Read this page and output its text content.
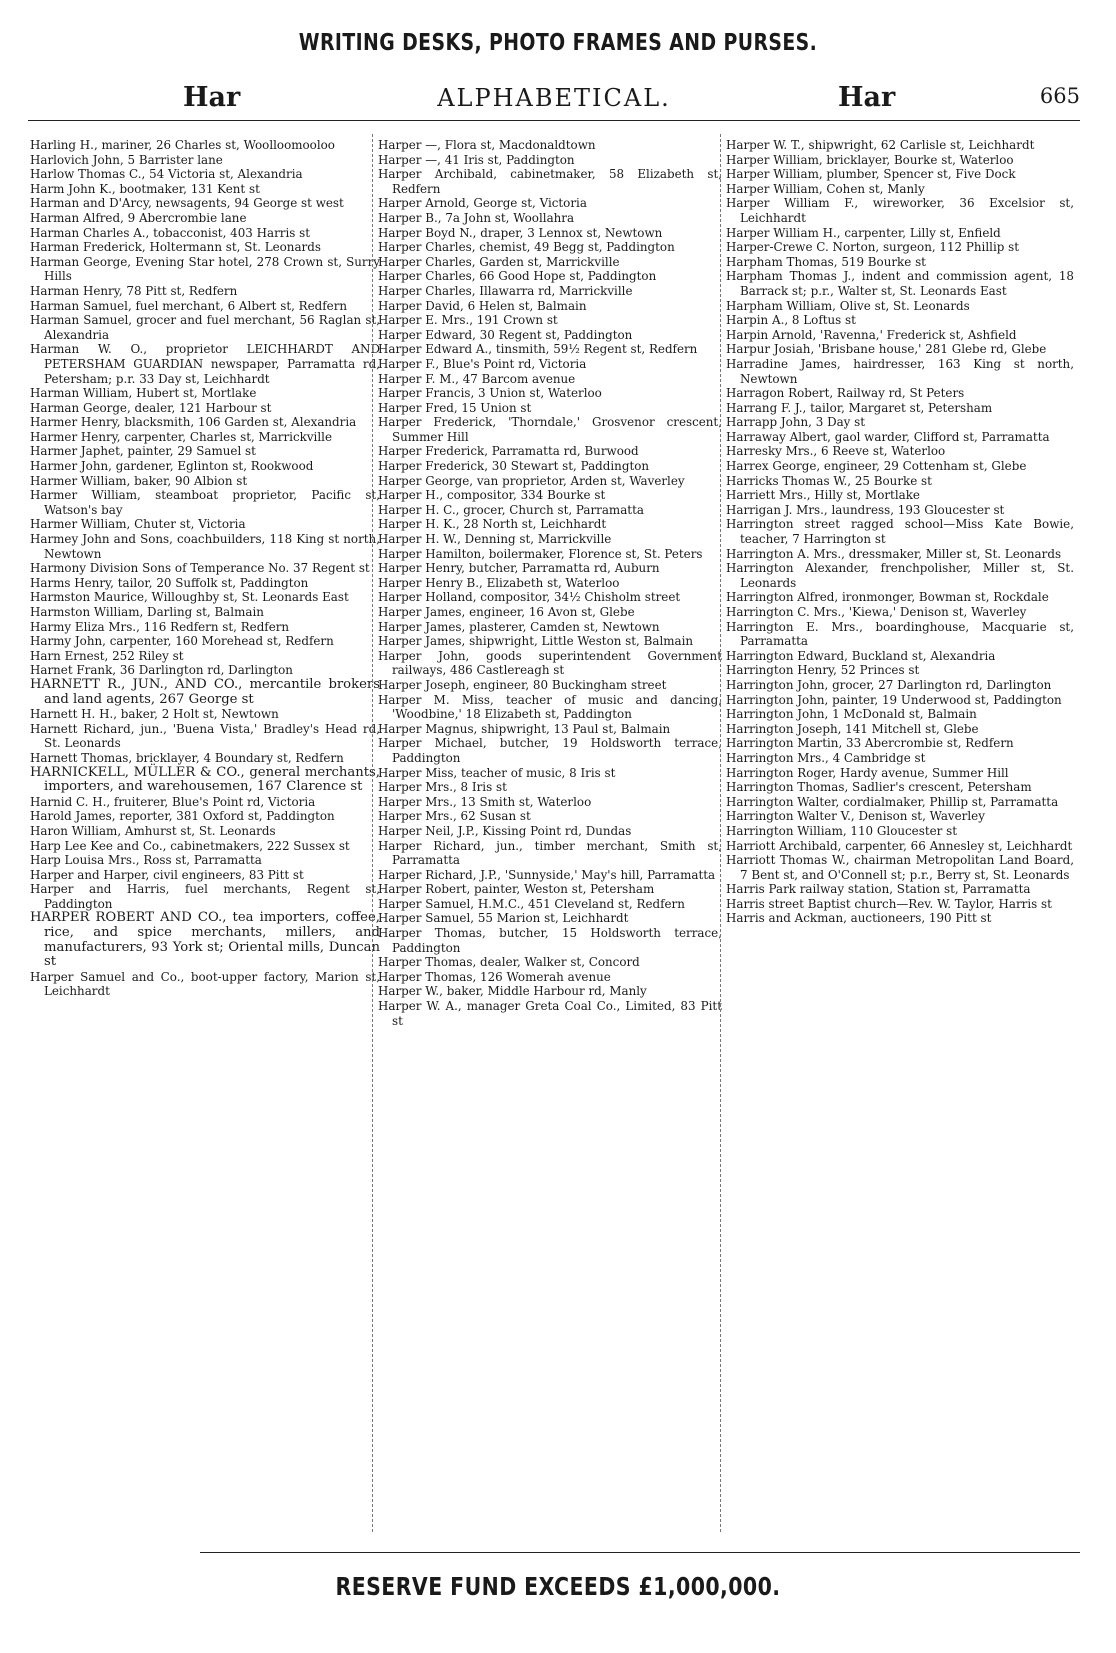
WRITING DESKS, PHOTO FRAMES AND PURSES.
Har	ALPHABETICAL.	Har	665

Harling H., mariner, 26 Charles st, Woolloomooloo

Harlovich John, 5 Barrister lane

Harlow Thomas C., 54 Victoria st, Alexandria

Harm John K., bootmaker, 131 Kent st

Harman and D'Arcy, newsagents, 94 George st west

Harman Alfred, 9 Abercrombie lane

Harman Charles A., tobacconist, 403 Harris st

Harman Frederick, Holtermann st, St. Leonards

Harman George, Evening Star hotel, 278 Crown st, Surry Hills

Harman Henry, 78 Pitt st, Redfern

Harman Samuel, fuel merchant, 6 Albert st, Redfern

Harman Samuel, grocer and fuel merchant, 56 Raglan st, Alexandria

Harman W. O., proprietor LEICHHARDT AND PETERSHAM GUARDIAN newspaper, Parramatta rd, Petersham; p.r. 33 Day st, Leichhardt

Harman William, Hubert st, Mortlake

Harman George, dealer, 121 Harbour st

Harmer Henry, blacksmith, 106 Garden st, Alexandria

Harmer Henry, carpenter, Charles st, Marrickville

Harmer Japhet, painter, 29 Samuel st

Harmer John, gardener, Eglinton st, Rookwood

Harmer William, baker, 90 Albion st

Harmer William, steamboat proprietor, Pacific st, Watson's bay

Harmer William, Chuter st, Victoria

Harmey John and Sons, coachbuilders, 118 King st north, Newtown

Harmony Division Sons of Temperance No. 37 Regent st

Harms Henry, tailor, 20 Suffolk st, Paddington

Harmston Maurice, Willoughby st, St. Leonards East

Harmston William, Darling st, Balmain

Harmy Eliza Mrs., 116 Redfern st, Redfern

Harmy John, carpenter, 160 Morehead st, Redfern

Harn Ernest, 252 Riley st

Harnet Frank, 36 Darlington rd, Darlington

HARNETT R., JUN., AND CO., mercantile brokers and land agents, 267 George st

Harnett H. H., baker, 2 Holt st, Newtown

Harnett Richard, jun., 'Buena Vista,' Bradley's Head rd, St. Leonards

Harnett Thomas, bricklayer, 4 Boundary st, Redfern

HARNICKELL, MÜLLER & CO., general merchants, importers, and warehousemen, 167 Clarence st

Harnid C. H., fruiterer, Blue's Point rd, Victoria

Harold James, reporter, 381 Oxford st, Paddington

Haron William, Amhurst st, St. Leonards

Harp Lee Kee and Co., cabinetmakers, 222 Sussex st

Harp Louisa Mrs., Ross st, Parramatta

Harper and Harper, civil engineers, 83 Pitt st

Harper and Harris, fuel merchants, Regent st, Paddington

HARPER ROBERT AND CO., tea importers, coffee, rice, and spice merchants, millers, and manufacturers, 93 York st; Oriental mills, Duncan st

Harper Samuel and Co., boot-upper factory, Marion st, Leichhardt

Harper —, Flora st, Macdonaldtown

Harper —, 41 Iris st, Paddington

Harper Archibald, cabinetmaker, 58 Elizabeth st, Redfern

Harper Arnold, George st, Victoria

Harper B., 7a John st, Woollahra

Harper Boyd N., draper, 3 Lennox st, Newtown

Harper Charles, chemist, 49 Begg st, Paddington

Harper Charles, Garden st, Marrickville

Harper Charles, 66 Good Hope st, Paddington

Harper Charles, Illawarra rd, Marrickville

Harper David, 6 Helen st, Balmain

Harper E. Mrs., 191 Crown st

Harper Edward, 30 Regent st, Paddington

Harper Edward A., tinsmith, 59½ Regent st, Redfern

Harper F., Blue's Point rd, Victoria

Harper F. M., 47 Barcom avenue

Harper Francis, 3 Union st, Waterloo

Harper Fred, 15 Union st

Harper Frederick, 'Thorndale,' Grosvenor crescent, Summer Hill

Harper Frederick, Parramatta rd, Burwood

Harper Frederick, 30 Stewart st, Paddington

Harper George, van proprietor, Arden st, Waverley

Harper H., compositor, 334 Bourke st

Harper H. C., grocer, Church st, Parramatta

Harper H. K., 28 North st, Leichhardt

Harper H. W., Denning st, Marrickville

Harper Hamilton, boilermaker, Florence st, St. Peters

Harper Henry, butcher, Parramatta rd, Auburn

Harper Henry B., Elizabeth st, Waterloo

Harper Holland, compositor, 34½ Chisholm street

Harper James, engineer, 16 Avon st, Glebe

Harper James, plasterer, Camden st, Newtown

Harper James, shipwright, Little Weston st, Balmain

Harper John, goods superintendent Government railways, 486 Castlereagh st

Harper Joseph, engineer, 80 Buckingham street

Harper M. Miss, teacher of music and dancing, 'Woodbine,' 18 Elizabeth st, Paddington

Harper Magnus, shipwright, 13 Paul st, Balmain

Harper Michael, butcher, 19 Holdsworth terrace, Paddington

Harper Miss, teacher of music, 8 Iris st

Harper Mrs., 8 Iris st

Harper Mrs., 13 Smith st, Waterloo

Harper Mrs., 62 Susan st

Harper Neil, J.P., Kissing Point rd, Dundas

Harper Richard, jun., timber merchant, Smith st, Parramatta

Harper Richard, J.P., 'Sunnyside,' May's hill, Parramatta

Harper Robert, painter, Weston st, Petersham

Harper Samuel, H.M.C., 451 Cleveland st, Redfern

Harper Samuel, 55 Marion st, Leichhardt

Harper Thomas, butcher, 15 Holdsworth terrace, Paddington

Harper Thomas, dealer, Walker st, Concord

Harper Thomas, 126 Womerah avenue

Harper W., baker, Middle Harbour rd, Manly

Harper W. A., manager Greta Coal Co., Limited, 83 Pitt st

Harper W. T., shipwright, 62 Carlisle st, Leichhardt

Harper William, bricklayer, Bourke st, Waterloo

Harper William, plumber, Spencer st, Five Dock

Harper William, Cohen st, Manly

Harper William F., wireworker, 36 Excelsior st, Leichhardt

Harper William H., carpenter, Lilly st, Enfield

Harper-Crewe C. Norton, surgeon, 112 Phillip st

Harpham Thomas, 519 Bourke st

Harpham Thomas J., indent and commission agent, 18 Barrack st; p.r., Walter st, St. Leonards East

Harpham William, Olive st, St. Leonards

Harpin A., 8 Loftus st

Harpin Arnold, 'Ravenna,' Frederick st, Ashfield

Harpur Josiah, 'Brisbane house,' 281 Glebe rd, Glebe

Harradine James, hairdresser, 163 King st north, Newtown

Harragon Robert, Railway rd, St Peters

Harrang F. J., tailor, Margaret st, Petersham

Harrapp John, 3 Day st

Harraway Albert, gaol warder, Clifford st, Parramatta

Harresky Mrs., 6 Reeve st, Waterloo

Harrex George, engineer, 29 Cottenham st, Glebe

Harricks Thomas W., 25 Bourke st

Harriett Mrs., Hilly st, Mortlake

Harrigan J. Mrs., laundress, 193 Gloucester st

Harrington street ragged school—Miss Kate Bowie, teacher, 7 Harrington st

Harrington A. Mrs., dressmaker, Miller st, St. Leonards

Harrington Alexander, frenchpolisher, Miller st, St. Leonards

Harrington Alfred, ironmonger, Bowman st, Rockdale

Harrington C. Mrs., 'Kiewa,' Denison st, Waverley

Harrington E. Mrs., boardinghouse, Macquarie st, Parramatta

Harrington Edward, Buckland st, Alexandria

Harrington Henry, 52 Princes st

Harrington John, grocer, 27 Darlington rd, Darlington

Harrington John, painter, 19 Underwood st, Paddington

Harrington John, 1 McDonald st, Balmain

Harrington Joseph, 141 Mitchell st, Glebe

Harrington Martin, 33 Abercrombie st, Redfern

Harrington Mrs., 4 Cambridge st

Harrington Roger, Hardy avenue, Summer Hill

Harrington Thomas, Sadlier's crescent, Petersham

Harrington Walter, cordialmaker, Phillip st, Parramatta

Harrington Walter V., Denison st, Waverley

Harrington William, 110 Gloucester st

Harriott Archibald, carpenter, 66 Annesley st, Leichhardt

Harriott Thomas W., chairman Metropolitan Land Board, 7 Bent st, and O'Connell st; p.r., Berry st, St. Leonards

Harris Park railway station, Station st, Parramatta

Harris street Baptist church—Rev. W. Taylor, Harris st

Harris and Ackman, auctioneers, 190 Pitt st

RESERVE FUND EXCEEDS £1,000,000.
